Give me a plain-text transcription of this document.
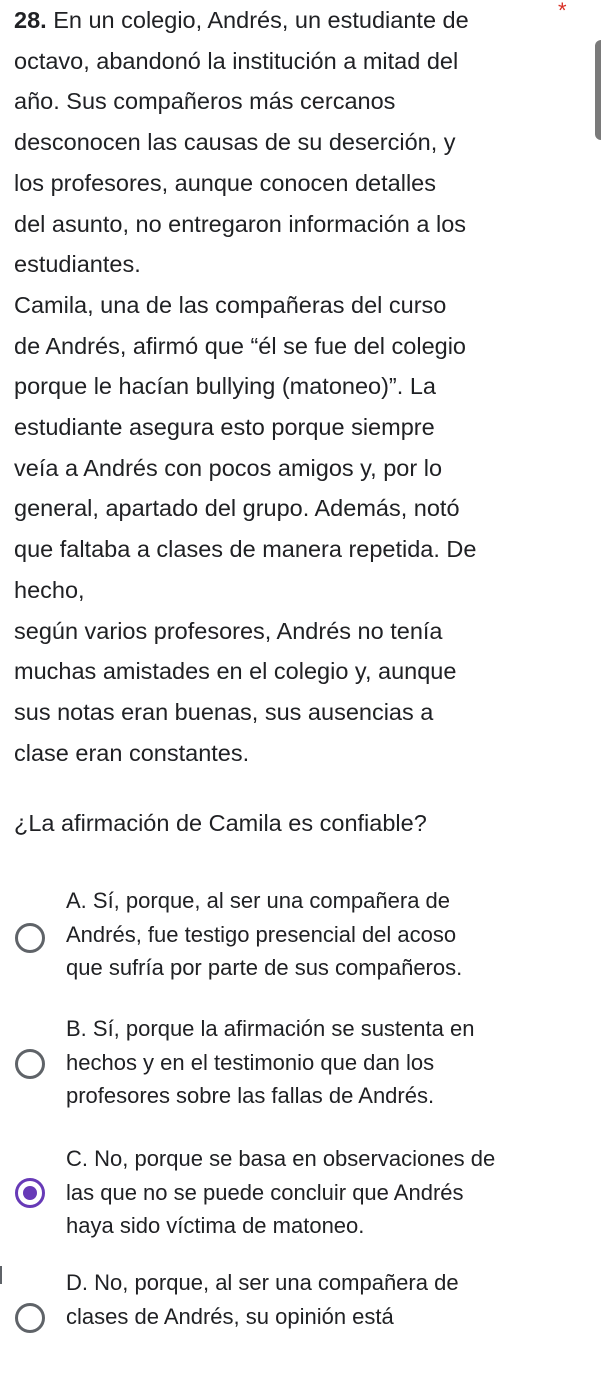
28. En un colegio, Andrés, un estudiante de	*

octavo, abandonó la institución a mitad del

año. Sus compañeros más cercanos

desconocen las causas de su deserción, y

los profesores, aunque conocen detalles

del asunto, no entregaron información a los

estudiantes.

Camila, una de las compañeras del curso

de Andrés, afirmó que “él se fue del colegio

porque le hacían bullying (matoneo)”. La

estudiante asegura esto porque siempre

veía a Andrés con pocos amigos y, por lo

general, apartado del grupo. Además, notó

que faltaba a clases de manera repetida. De

hecho,

según varios profesores, Andrés no tenía

muchas amistades en el colegio y, aunque

sus notas eran buenas, sus ausencias a

clase eran constantes.

¿La afirmación de Camila es confiable?

A. Sí, porque, al ser una compañera de
Andrés, fue testigo presencial del acoso
que sufría por parte de sus compañeros.
B. Sí, porque la afirmación se sustenta en
hechos y en el testimonio que dan los
profesores sobre las fallas de Andrés.
C. No, porque se basa en observaciones de
las que no se puede concluir que Andrés
haya sido víctima de matoneo.
D. No, porque, al ser una compañera de
clases de Andrés, su opinión está
